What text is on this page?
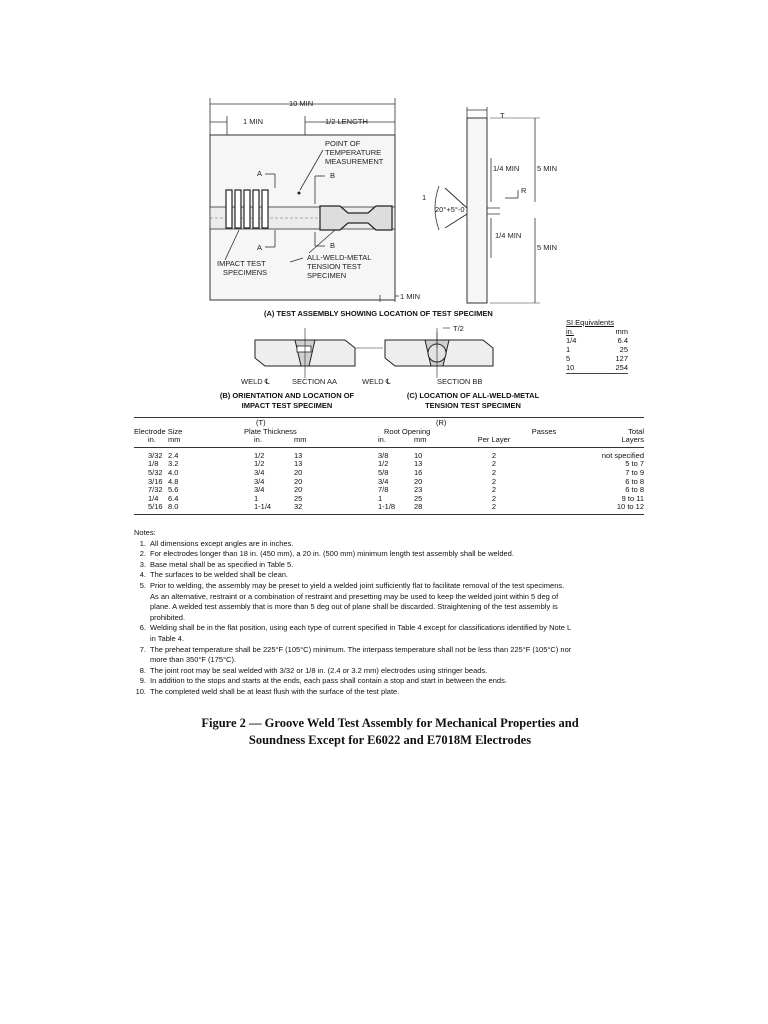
10 MIN
1 MIN	1/2 LENGTH
A
A
B
B
POINT OF
TEMPERATURE
MEASUREMENT
IMPACT TEST
SPECIMENS
ALL-WELD-METAL
TENSION TEST
SPECIMEN
1 MIN
T
1/4 MIN 5 MIN
R
20°+5°-0
1
1/4 MIN
5 MIN
(A) TEST ASSEMBLY SHOWING LOCATION OF TEST SPECIMEN
T/2
WELD ℄	SECTION AA	WELD ℄	SECTION BB
(B) ORIENTATION AND LOCATION OF
IMPACT TEST SPECIMEN
(C) LOCATION OF ALL-WELD-METAL
TENSION TEST SPECIMEN
SI Equivalents
in.	mm
1/4	6.4
1	25
5	127
10	254
(T)	(R)
Electrode Size	Plate Thickness	Root Opening	Passes	Total
in.	mm	in.	mm	in.	mm	Per Layer	Layers
3/32 2.4	1/2	13	3/8	10	2	not specified
1/8	3.2	1/2	13	1/2	13	2	5 to 7
5/32 4.0	3/4	20	5/8	16	2	7 to 9
3/16 4.8	3/4	20	3/4	20	2	6 to 8
7/32 5.6	3/4	20	7/8	23	2	6 to 8
1/4	6.4	1	25	1	25	2	9 to 11
5/16 8.0	1-1/4	32	1-1/8	28	2	10 to 12
Notes:
1. All dimensions except angles are in inches.
2. For electrodes longer than 18 in. (450 mm), a 20 in. (500 mm) minimum length test assembly shall be welded.
3. Base metal shall be as specified in Table 5.
4. The surfaces to be welded shall be clean.
5. Prior to welding, the assembly may be preset to yield a welded joint sufficiently flat to facilitate removal of the test specimens.
As an alternative, restraint or a combination of restraint and presetting may be used to keep the welded joint within 5 deg of
plane. A welded test assembly that is more than 5 deg out of plane shall be discarded. Straightening of the test assembly is
prohibited.
6. Welding shall be in the flat position, using each type of current specified in Table 4 except for classifications identified by Note L
in Table 4.
7. The preheat temperature shall be 225°F (105°C) minimum. The interpass temperature shall not be less than 225°F (105°C) nor
more than 350°F (175°C).
8. The joint root may be seal welded with 3/32 or 1/8 in. (2.4 or 3.2 mm) electrodes using stringer beads.
9. In addition to the stops and starts at the ends, each pass shall contain a stop and start in between the ends.
10. The completed weld shall be at least flush with the surface of the test plate.
Figure 2 — Groove Weld Test Assembly for Mechanical Properties and
Soundness Except for E6022 and E7018M Electrodes
